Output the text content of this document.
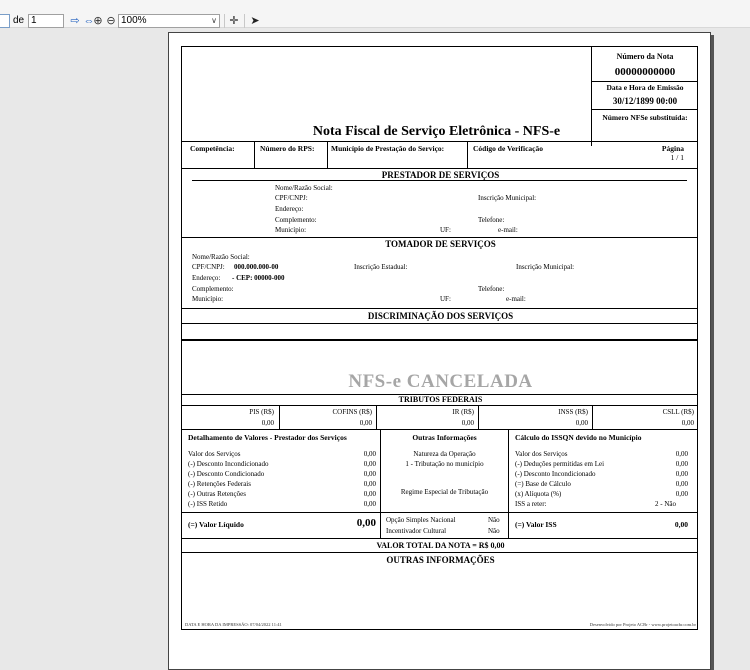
de 1	⇨ ⇔
⊕ ⊖ 100%	∨ ✛ ➤
Número da Nota
00000000000
Data e Hora de Emissão
30/12/1899 00:00
Número NFSe substituída:
Nota Fiscal de Serviço Eletrônica - NFS-e
Competência:	Número do RPS: Município de Prestação do Serviço:	Código de Verificação	Página
1 / 1
PRESTADOR DE SERVIÇOS
Nome/Razão Social:
CPF/CNPJ:	Inscrição Municipal:
Endereço:
Complemento:	Telefone:
Município:	UF:	e-mail:
TOMADOR DE SERVIÇOS
Nome/Razão Social:
CPF/CNPJ: 000.000.000-00	Inscrição Estadual:	Inscrição Municipal:
Endereço: - CEP: 00000-000
Complemento:	Telefone:
Município:	UF:	e-mail:
DISCRIMINAÇÃO DOS SERVIÇOS
NFS-e CANCELADA
TRIBUTOS FEDERAIS
PIS (R$)
0,00
COFINS (R$)
0,00
IR (R$)
0,00
INSS (R$)
0,00
CSLL (R$)
0,00
Detalhamento de Valores - Prestador dos Serviços
Valor dos Serviços	0,00
(-) Desconto Incondicionado	0,00
(-) Desconto Condicionado	0,00
(-) Retenções Federais	0,00
(-) Outras Retenções	0,00
(-) ISS Retido	0,00
Outras Informações
Natureza da Operação
1 - Tributação no município
Regime Especial de Tributação
Cálculo do ISSQN devido no Município
Valor dos Serviços	0,00
(-) Deduções permitidas em Lei	0,00
(-) Desconto Incondicionado	0,00
(=) Base de Cálculo	0,00
(x) Alíquota (%)	0,00
ISS a reter:	2 - Não
(=) Valor Líquido	0,00 Opção Simples Nacional	Não
Incentivador Cultural	Não
(=) Valor ISS	0,00
VALOR TOTAL DA NOTA = R$ 0,00
OUTRAS INFORMAÇÕES
DATA E HORA DA IMPRESSÃO: 07/04/2022 11:41	Desenvolvido por Projeto ACBr - www.projetoacbr.com.br
